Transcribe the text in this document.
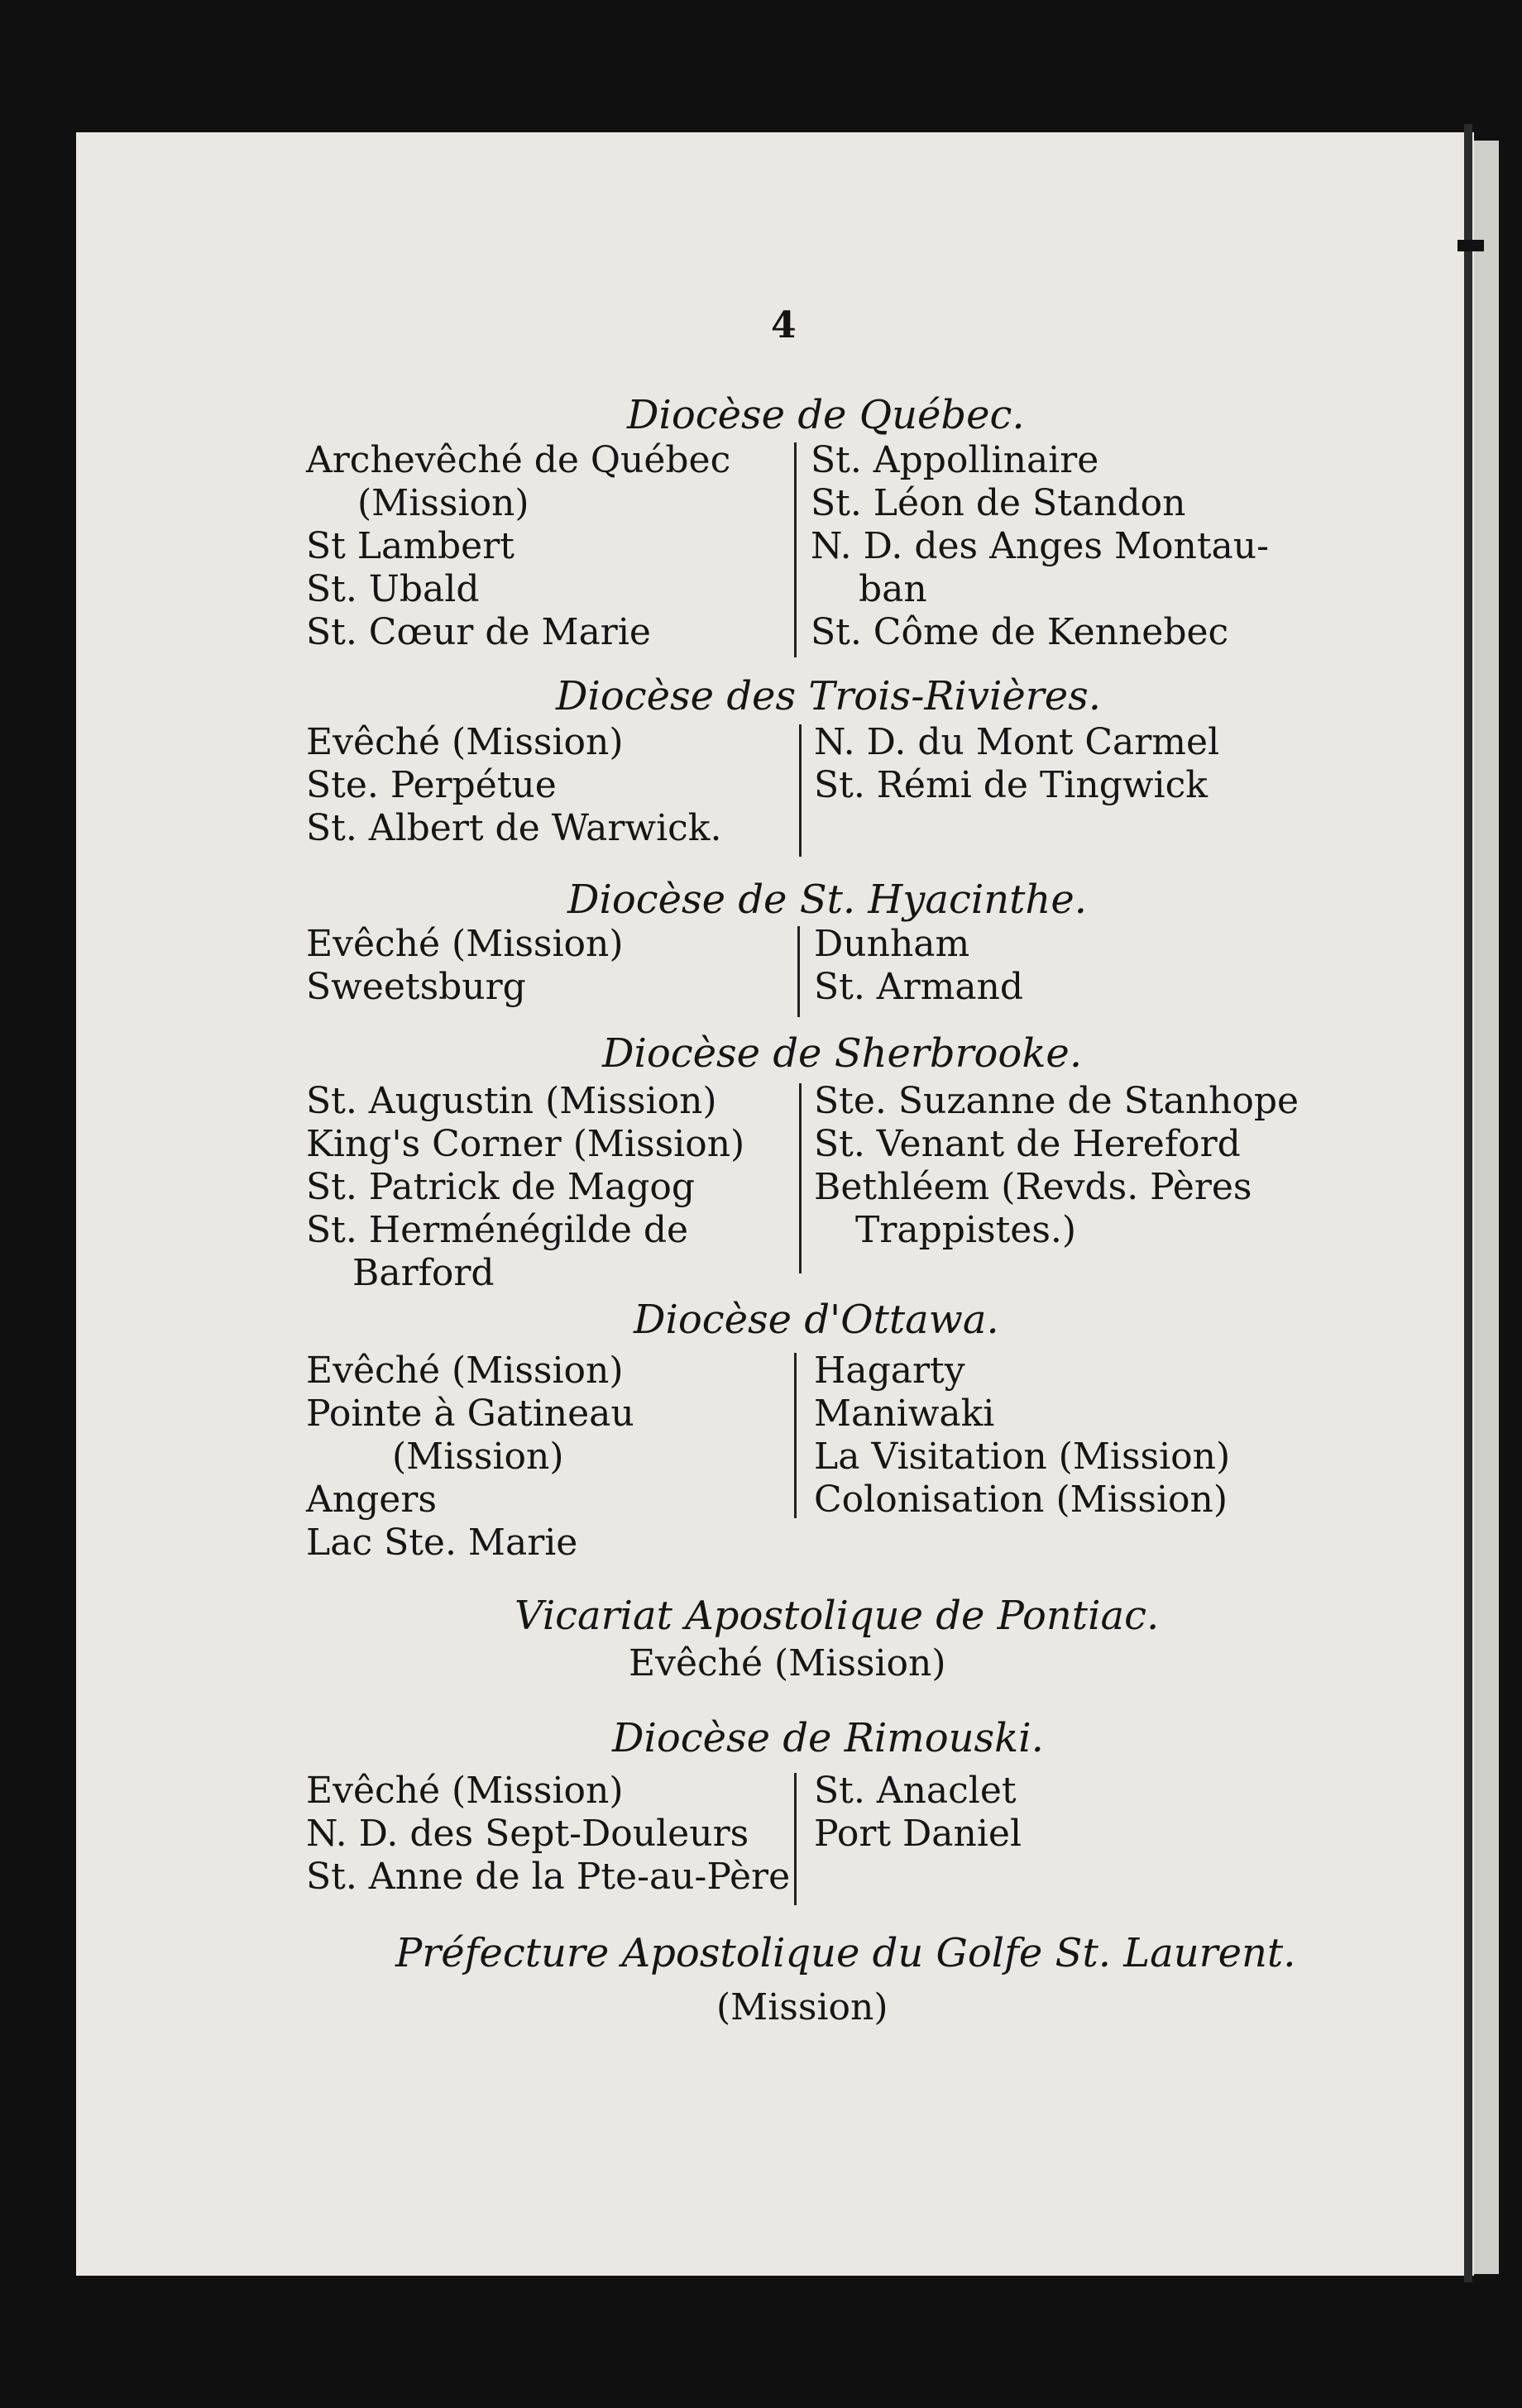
4
Diocèse de Québec.
Archevêché de Québec
(Mission)
St Lambert
St. Ubald
St. Cœur de Marie
St. Appollinaire
St. Léon de Standon
N. D. des Anges Montau-
ban
St. Côme de Kennebec
Diocèse des Trois-Rivières.
Evêché (Mission)
Ste. Perpétue
St. Albert de Warwick.
N. D. du Mont Carmel
St. Rémi de Tingwick
Diocèse de St. Hyacinthe.
Evêché (Mission)
Sweetsburg
Dunham
St. Armand
Diocèse de Sherbrooke.
St. Augustin (Mission)
King's Corner (Mission)
St. Patrick de Magog
St. Herménégilde de
Barford
Ste. Suzanne de Stanhope
St. Venant de Hereford
Bethléem (Revds. Pères
Trappistes.)
Diocèse d'Ottawa.
Evêché (Mission)
Pointe à Gatineau
(Mission)
Angers
Lac Ste. Marie
Hagarty
Maniwaki
La Visitation (Mission)
Colonisation (Mission)
Vicariat Apostolique de Pontiac.
Evêché (Mission)
Diocèse de Rimouski.
Evêché (Mission)
N. D. des Sept-Douleurs
St. Anne de la Pte-au-Père
St. Anaclet
Port Daniel
Préfecture Apostolique du Golfe St. Laurent.
(Mission)
